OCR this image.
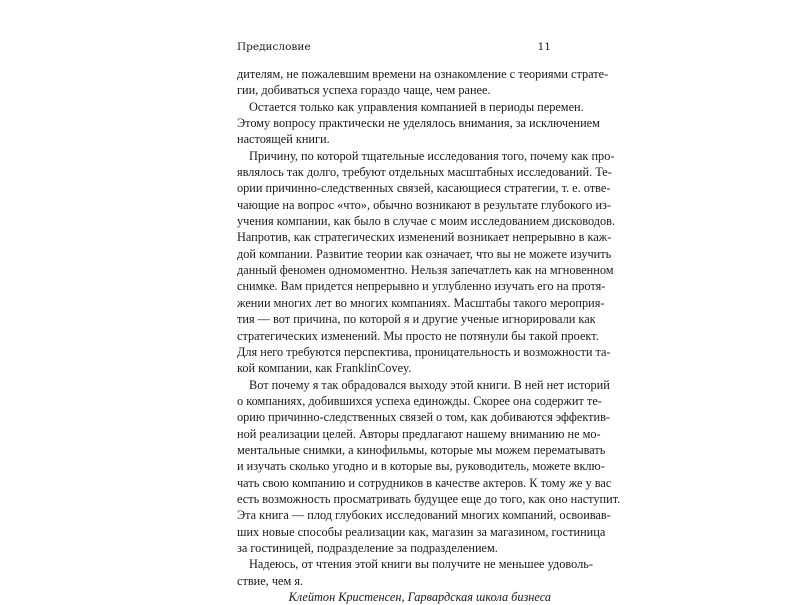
Предисловие	11
дителям, не пожалевшим времени на ознакомление с теориями страте-
гии, добиваться успеха гораздо чаще, чем ранее.
Остается только как управления компанией в периоды перемен.
Этому вопросу практически не уделялось внимания, за исключением
настоящей книги.
Причину, по которой тщательные исследования того, почему как про-
являлось так долго, требуют отдельных масштабных исследований. Те-
ории причинно-следственных связей, касающиеся стратегии, т. е. отве-
чающие на вопрос «что», обычно возникают в результате глубокого из-
учения компании, как было в случае с моим исследованием дисководов.
Напротив, как стратегических изменений возникает непрерывно в каж-
дой компании. Развитие теории как означает, что вы не можете изучить
данный феномен одномоментно. Нельзя запечатлеть как на мгновенном
снимке. Вам придется непрерывно и углубленно изучать его на протя-
жении многих лет во многих компаниях. Масштабы такого мероприя-
тия — вот причина, по которой я и другие ученые игнорировали как
стратегических изменений. Мы просто не потянули бы такой проект.
Для него требуются перспектива, проницательность и возможности та-
кой компании, как FranklinCovey.
Вот почему я так обрадовался выходу этой книги. В ней нет историй
о компаниях, добившихся успеха единожды. Скорее она содержит те-
орию причинно-следственных связей о том, как добиваются эффектив-
ной реализации целей. Авторы предлагают нашему вниманию не мо-
ментальные снимки, а кинофильмы, которые мы можем перематывать
и изучать сколько угодно и в которые вы, руководитель, можете вклю-
чать свою компанию и сотрудников в качестве актеров. К тому же у вас
есть возможность просматривать будущее еще до того, как оно наступит.
Эта книга — плод глубоких исследований многих компаний, освоивав-
ших новые способы реализации как, магазин за магазином, гостиница
за гостиницей, подразделение за подразделением.
Надеюсь, от чтения этой книги вы получите не меньшее удоволь-
ствие, чем я.
Клейтон Кристенсен, Гарвардская школа бизнеса
